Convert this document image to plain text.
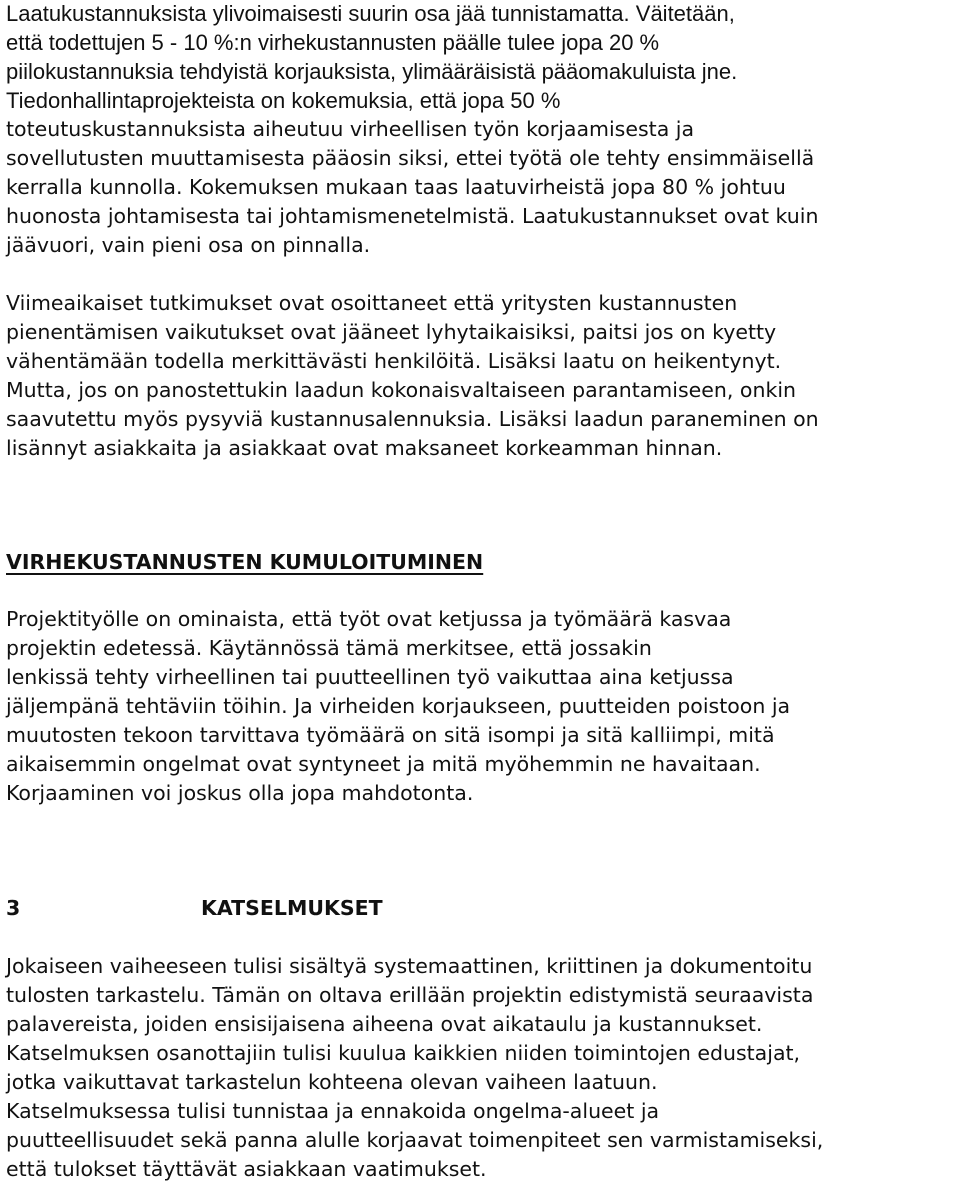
Laatukustannuksista ylivoimaisesti suurin osa jää tunnistamatta. Väitetään,
että todettujen 5 - 10 %:n virhekustannusten päälle tulee jopa 20 %
piilokustannuksia tehdyistä korjauksista, ylimääräisistä pääomakuluista jne.
Tiedonhallintaprojekteista on kokemuksia, että jopa 50 %
toteutuskustannuksista aiheutuu virheellisen työn korjaamisesta ja
sovellutusten muuttamisesta pääosin siksi, ettei työtä ole tehty ensimmäisellä
kerralla kunnolla. Kokemuksen mukaan taas laatuvirheistä jopa 80 % johtuu
huonosta johtamisesta tai johtamismenetelmistä. Laatukustannukset ovat kuin
jäävuori, vain pieni osa on pinnalla.
Viimeaikaiset tutkimukset ovat osoittaneet että yritysten kustannusten
pienentämisen vaikutukset ovat jääneet lyhytaikaisiksi, paitsi jos on kyetty
vähentämään todella merkittävästi henkilöitä. Lisäksi laatu on heikentynyt.
Mutta, jos on panostettukin laadun kokonaisvaltaiseen parantamiseen, onkin
saavutettu myös pysyviä kustannusalennuksia. Lisäksi laadun paraneminen on
lisännyt asiakkaita ja asiakkaat ovat maksaneet korkeamman hinnan.
VIRHEKUSTANNUSTEN KUMULOITUMINEN
Projektityölle on ominaista, että työt ovat ketjussa ja työmäärä kasvaa
projektin edetessä. Käytännössä tämä merkitsee, että jossakin
lenkissä tehty virheellinen tai puutteellinen työ vaikuttaa aina ketjussa
jäljempänä tehtäviin töihin. Ja virheiden korjaukseen, puutteiden poistoon ja
muutosten tekoon tarvittava työmäärä on sitä isompi ja sitä kalliimpi, mitä
aikaisemmin ongelmat ovat syntyneet ja mitä myöhemmin ne havaitaan.
Korjaaminen voi joskus olla jopa mahdotonta.
3	KATSELMUKSET
Jokaiseen vaiheeseen tulisi sisältyä systemaattinen, kriittinen ja dokumentoitu
tulosten tarkastelu. Tämän on oltava erillään projektin edistymistä seuraavista
palavereista, joiden ensisijaisena aiheena ovat aikataulu ja kustannukset.
Katselmuksen osanottajiin tulisi kuulua kaikkien niiden toimintojen edustajat,
jotka vaikuttavat tarkastelun kohteena olevan vaiheen laatuun.
Katselmuksessa tulisi tunnistaa ja ennakoida ongelma-alueet ja
puutteellisuudet sekä panna alulle korjaavat toimenpiteet sen varmistamiseksi,
että tulokset täyttävät asiakkaan vaatimukset.
